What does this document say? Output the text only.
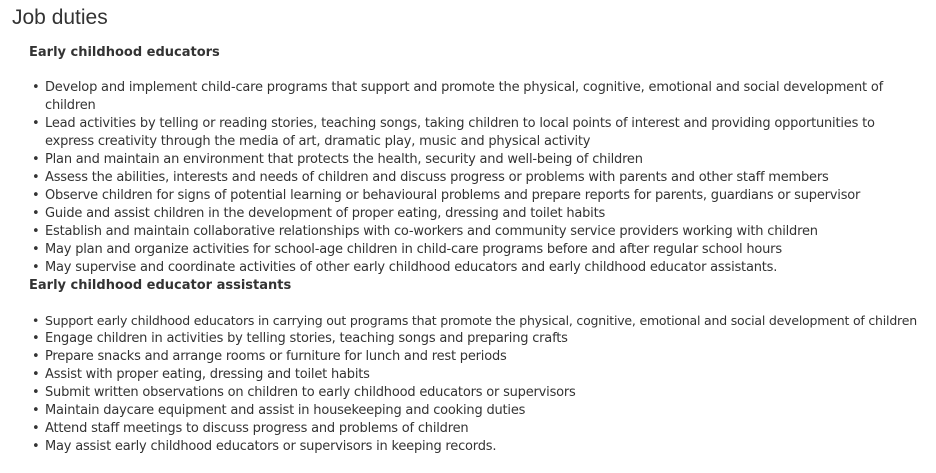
Job duties
Early childhood educators
• Develop and implement child-care programs that support and promote the physical, cognitive, emotional and social development of children
• Lead activities by telling or reading stories, teaching songs, taking children to local points of interest and providing opportunities to express creativity through the media of art, dramatic play, music and physical activity
• Plan and maintain an environment that protects the health, security and well-being of children
• Assess the abilities, interests and needs of children and discuss progress or problems with parents and other staff members
• Observe children for signs of potential learning or behavioural problems and prepare reports for parents, guardians or supervisor
• Guide and assist children in the development of proper eating, dressing and toilet habits
• Establish and maintain collaborative relationships with co-workers and community service providers working with children
• May plan and organize activities for school-age children in child-care programs before and after regular school hours
• May supervise and coordinate activities of other early childhood educators and early childhood educator assistants.
Early childhood educator assistants
• Support early childhood educators in carrying out programs that promote the physical, cognitive, emotional and social development of children
• Engage children in activities by telling stories, teaching songs and preparing crafts
• Prepare snacks and arrange rooms or furniture for lunch and rest periods
• Assist with proper eating, dressing and toilet habits
• Submit written observations on children to early childhood educators or supervisors
• Maintain daycare equipment and assist in housekeeping and cooking duties
• Attend staff meetings to discuss progress and problems of children
• May assist early childhood educators or supervisors in keeping records.
